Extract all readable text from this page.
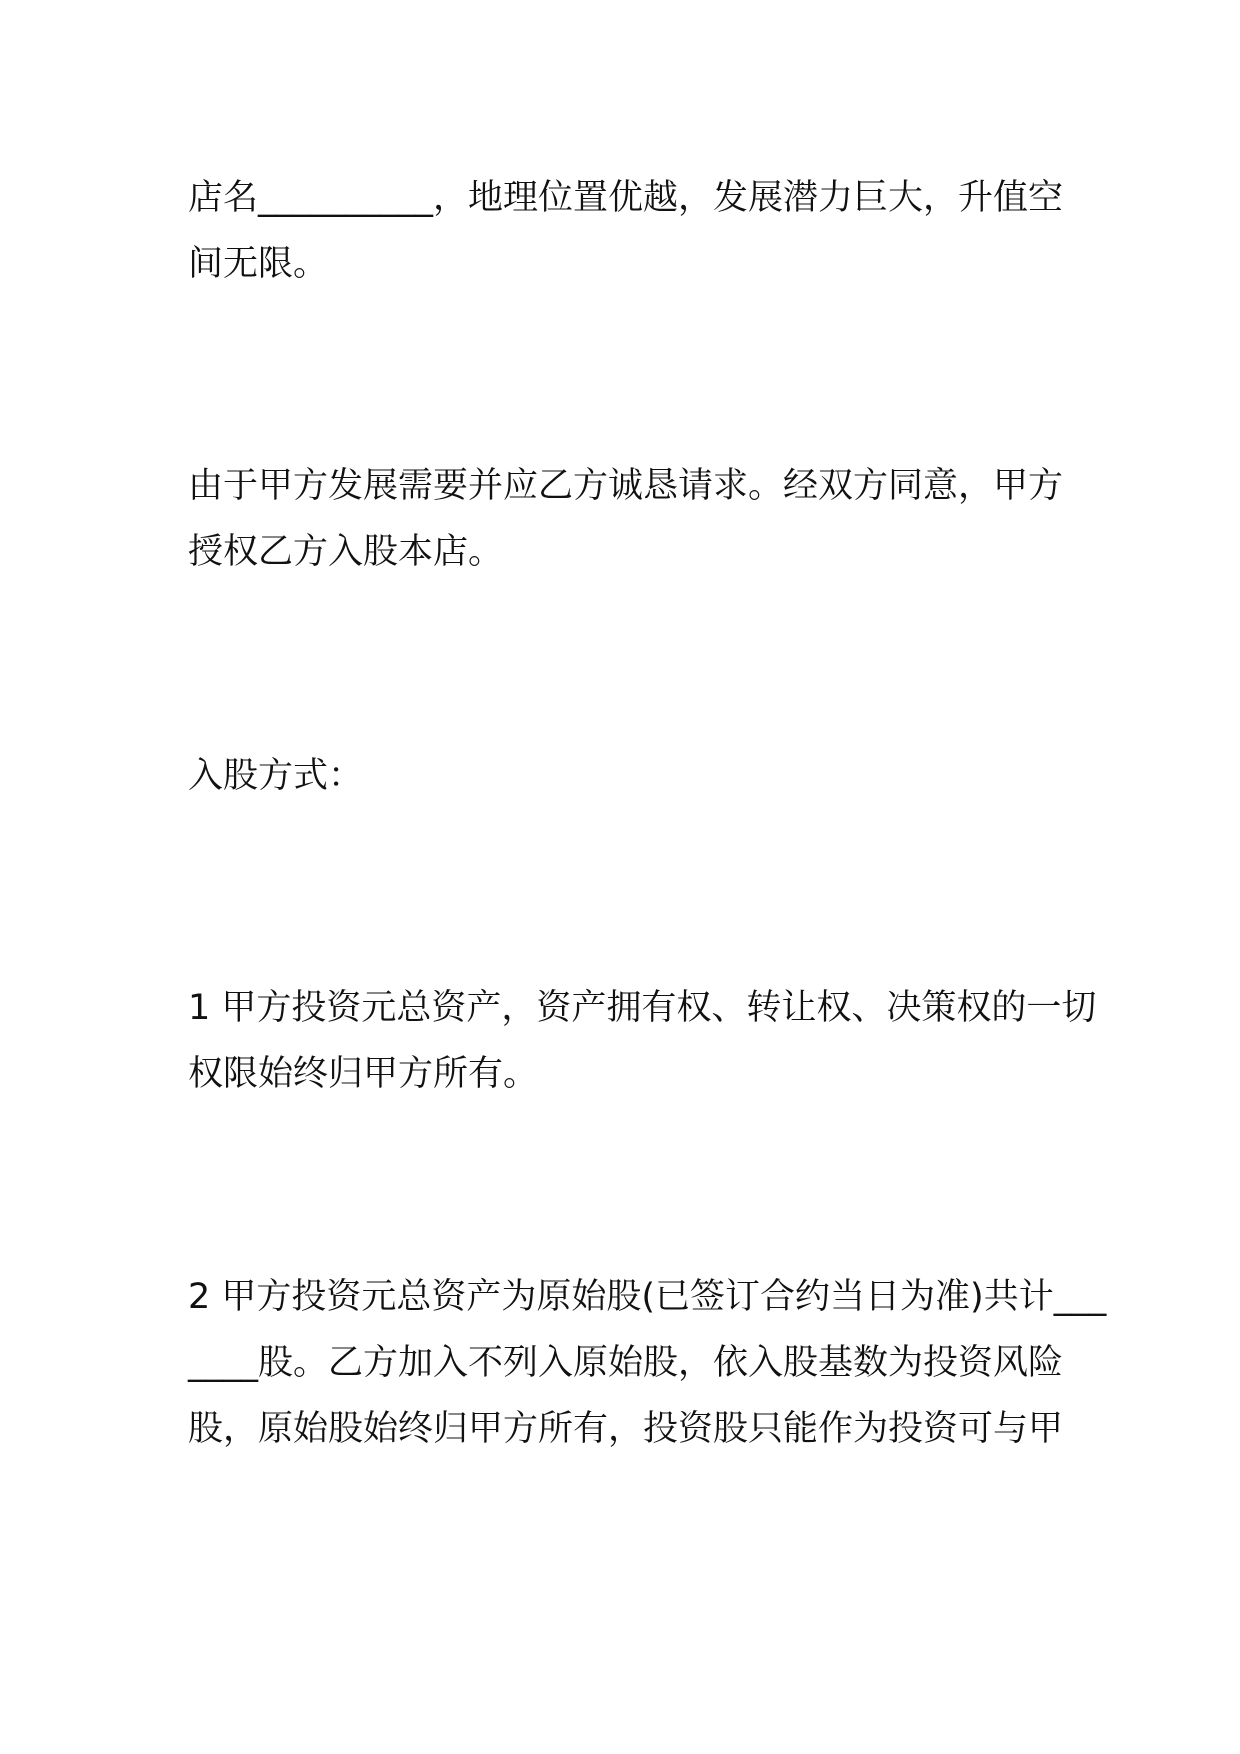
店名__________，地理位置优越，发展潜力巨大，升值空
间无限。

由于甲方发展需要并应乙方诚恳请求。经双方同意，甲方
授权乙方入股本店。

入股方式：

1 甲方投资元总资产，资产拥有权、转让权、决策权的一切
权限始终归甲方所有。

2 甲方投资元总资产为原始股(已签订合约当日为准)共计___
____股。乙方加入不列入原始股，依入股基数为投资风险
股，原始股始终归甲方所有，投资股只能作为投资可与甲
